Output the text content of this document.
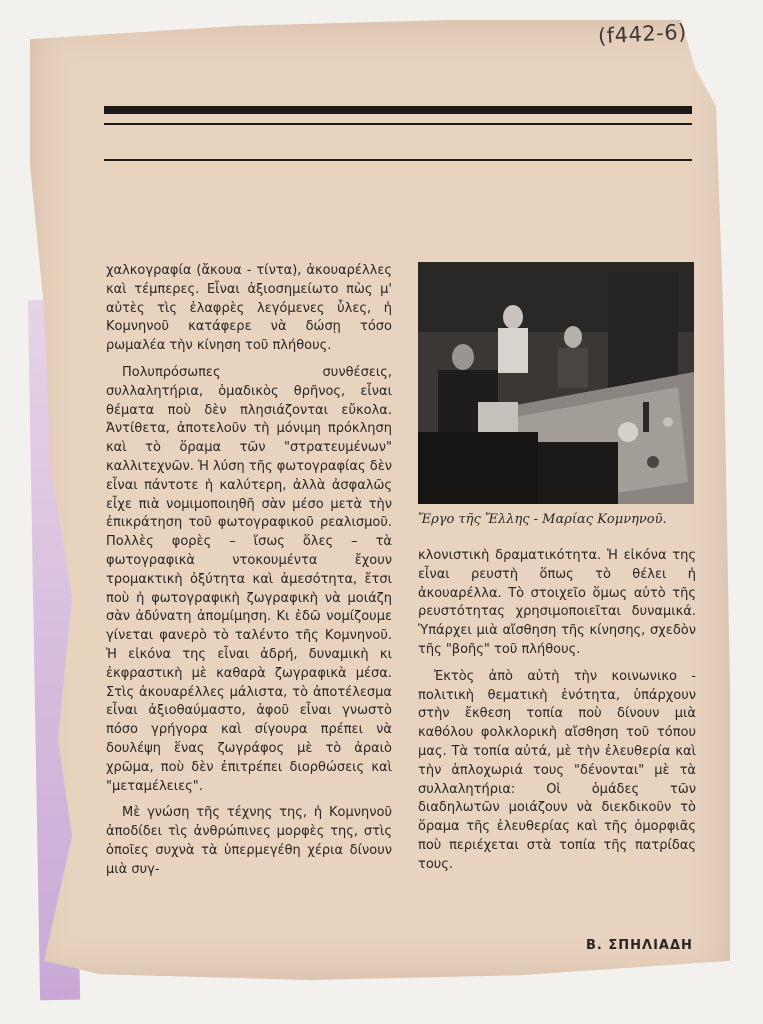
(f442-6)

χαλκογραφία (ἄκουα - τίντα), ἀκουαρέλλες καὶ τέμπερες. Εἶναι ἀξιοσημείωτο πὼς μ' αὐτὲς τὶς ἐλαφρὲς λεγόμενες ὗλες, ἡ Κομνηνοῦ κατάφερε νὰ δώσῃ τόσο ρωμαλέα τὴν κίνηση τοῦ πλήθους.

Πολυπρόσωπες συνθέσεις, συλλαλητήρια, ὁμαδικὸς θρῆνος, εἶναι θέματα ποὺ δὲν πλησιάζονται εὔκολα. Ἀντίθετα, ἀποτελοῦν τὴ μόνιμη πρόκληση καὶ τὸ ὅραμα τῶν "στρατευμένων" καλλιτεχνῶν. Ἡ λύση τῆς φωτογραφίας δὲν εἶναι πάντοτε ἡ καλύτερη, ἀλλὰ ἀσφαλῶς εἶχε πιὰ νομιμοποιηθῆ σὰν μέσο μετὰ τὴν ἐπικράτηση τοῦ φωτογραφικοῦ ρεαλισμοῦ. Πολλὲς φορὲς – ἴσως ὅλες – τὰ φωτογραφικὰ ντοκουμέντα ἔχουν τρομακτικὴ ὀξύτητα καὶ ἀμεσότητα, ἔτσι ποὺ ἡ φωτογραφικὴ ζωγραφικὴ νὰ μοιάζη σὰν ἀδύνατη ἀπομίμηση. Κι ἐδῶ νομίζουμε γίνεται φανερὸ τὸ ταλέντο τῆς Κομνηνοῦ. Ἡ εἰκόνα της εἶναι ἀδρή, δυναμικὴ κι ἐκφραστικὴ μὲ καθαρὰ ζωγραφικὰ μέσα. Στὶς ἀκουαρέλλες μάλιστα, τὸ ἀποτέλεσμα εἶναι ἀξιοθαύμαστο, ἀφοῦ εἶναι γνωστὸ πόσο γρήγορα καὶ σίγουρα πρέπει νὰ δουλέψη ἕνας ζωγράφος μὲ τὸ ἀραιὸ χρῶμα, ποὺ δὲν ἐπιτρέπει διορθώσεις καὶ "μεταμέλειες".

Μὲ γνώση τῆς τέχνης της, ἡ Κομνηνοῦ ἀποδίδει τὶς ἀνθρώπινες μορφὲς της, στὶς ὁποῖες συχνὰ τὰ ὑπερμεγέθη χέρια δίνουν μιὰ συγ-

Ἔργο τῆς Ἔλλης - Μαρίας Κομνηνοῦ.

κλονιστικὴ δραματικότητα. Ἡ εἰκόνα της εἶναι ρευστὴ ὅπως τὸ θέλει ἡ ἀκουαρέλλα. Τὸ στοιχεῖο ὅμως αὐτὸ τῆς ρευστότητας χρησιμοποιεῖται δυναμικά. Ὑπάρχει μιὰ αἴσθηση τῆς κίνησης, σχεδὸν τῆς "βοῆς" τοῦ πλήθους.

Ἐκτὸς ἀπὸ αὐτὴ τὴν κοινωνικο - πολιτικὴ θεματικὴ ἑνότητα, ὑπάρχουν στὴν ἔκθεση τοπία ποὺ δίνουν μιὰ καθόλου φολκλορικὴ αἴσθηση τοῦ τόπου μας. Τὰ τοπία αὐτά, μὲ τὴν ἐλευθερία καὶ τὴν ἀπλοχωριά τους "δένονται" μὲ τὰ συλλαλητήρια: Οἱ ὁμάδες τῶν διαδηλωτῶν μοιάζουν νὰ διεκδικοῦν τὸ ὅραμα τῆς ἐλευθερίας καὶ τῆς ὀμορφιᾶς ποὺ περιέχεται στὰ τοπία τῆς πατρίδας τους.

Β. ΣΠΗΛΙΑΔΗ
